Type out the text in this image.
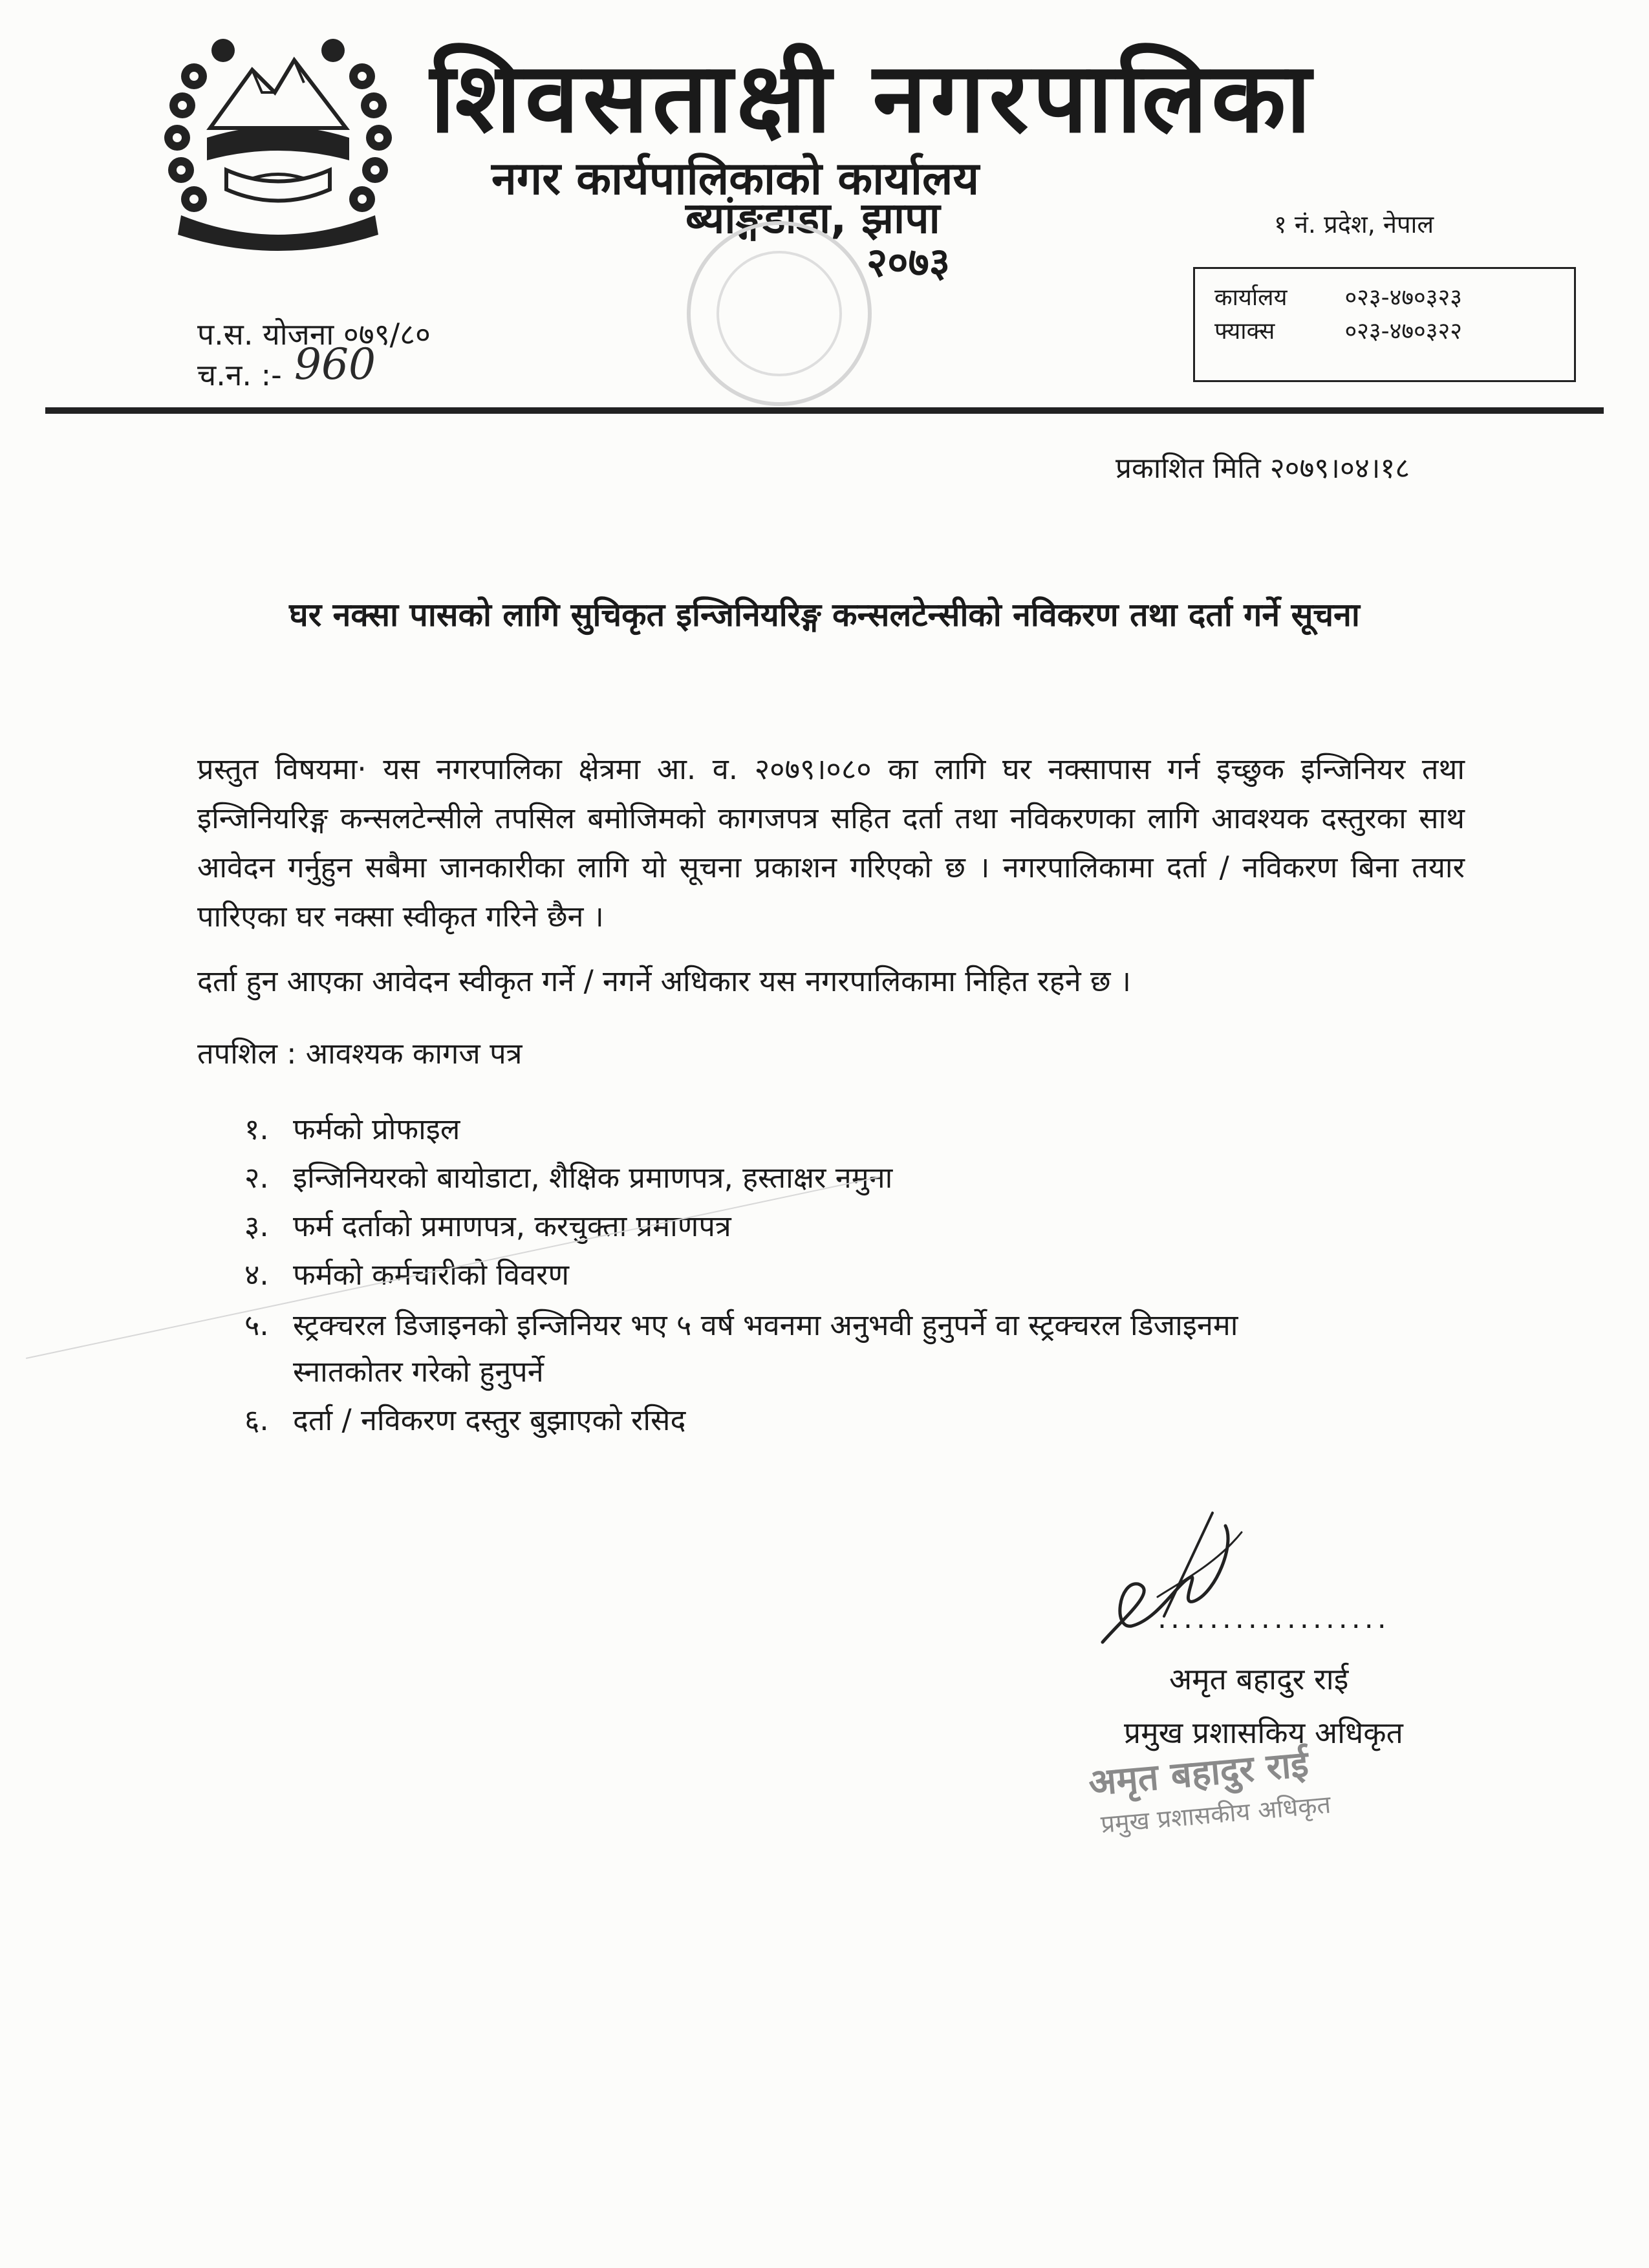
शिवसताक्षी नगरपालिका
नगर कार्यपालिकाको कार्यालय
ब्यांङ्गडाडा, झापा
२०७३
१ नं. प्रदेश, नेपाल
कार्यालय ०२३-४७०३२३
फ्याक्स	०२३-४७०३२२
प.स. योजना ०७९/८०
च.न. :- 960
प्रकाशित मिति २०७९।०४।१८
घर नक्सा पासको लागि सुचिकृत इन्जिनियरिङ्ग कन्सलटेन्सीको नविकरण तथा दर्ता गर्ने सूचना
प्रस्तुत विषयमा· यस नगरपालिका क्षेत्रमा आ. व. २०७९।०८० का लागि घर नक्सापास गर्न इच्छुक इन्जिनियर तथा इन्जिनियरिङ्ग कन्सलटेन्सीले तपसिल बमोजिमको कागजपत्र सहित दर्ता तथा नविकरणका लागि आवश्यक दस्तुरका साथ आवेदन गर्नुहुन सबैमा जानकारीका लागि यो सूचना प्रकाशन गरिएको छ । नगरपालिकामा दर्ता / नविकरण बिना तयार पारिएका घर नक्सा स्वीकृत गरिने छैन ।
दर्ता हुन आएका आवेदन स्वीकृत गर्ने / नगर्ने अधिकार यस नगरपालिकामा निहित रहने छ ।
तपशिल : आवश्यक कागज पत्र
१. फर्मको प्रोफाइल
२. इन्जिनियरको बायोडाटा, शैक्षिक प्रमाणपत्र, हस्ताक्षर नमुना
३. फर्म दर्ताको प्रमाणपत्र, करचुक्ता प्रमाणपत्र
४. फर्मको कर्मचारीको विवरण
५. स्ट्रक्चरल डिजाइनको इन्जिनियर भए ५ वर्ष भवनमा अनुभवी हुनुपर्ने वा स्ट्रक्चरल डिजाइनमा
स्नातकोतर गरेको हुनुपर्ने
६. दर्ता / नविकरण दस्तुर बुझाएको रसिद
..................
अमृत बहादुर राई
प्रमुख प्रशासकिय अधिकृत
अमृत बहादुर राई
प्रमुख प्रशासकीय अधिकृत
